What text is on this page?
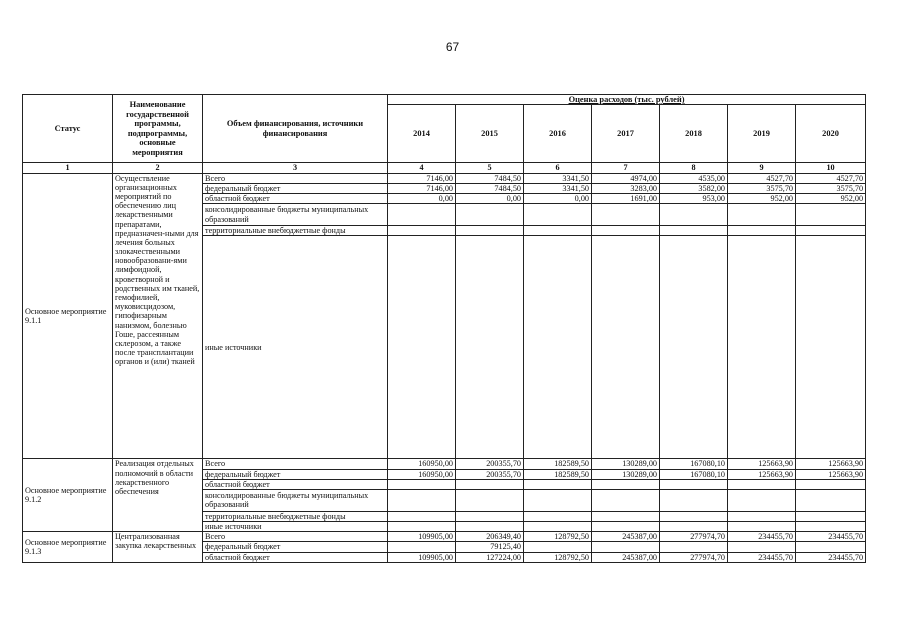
67
Статус	Наименование государственной программы, подпрограммы, основные мероприятия	Объем финансирования, источники финансирования	Оценка расходов (тыс. рублей)						
			2014	2015	2016	2017	2018	2019	2020
1	2	3	4	5	6	7	8	9	10
Основное мероприятие 9.1.1	Осуществление организационных мероприятий по обеспечению лиц лекарственными препаратами, предназначен-ными для лечения больных злокачественными новообразовани-ями лимфоидной, кроветворной и родственных им тканей, гемофилией, муковисцидозом, гипофизарным нанизмом, болезнью Гоше, рассеянным склерозом, а также после трансплантации органов и (или) тканей	Всего	7146,00	7484,50	3341,50	4974,00	4535,00	4527,70	4527,70
		федеральный бюджет	7146,00	7484,50	3341,50	3283,00	3582,00	3575,70	3575,70
		областной бюджет	0,00	0,00	0,00	1691,00	953,00	952,00	952,00
		консолидированные бюджеты муниципальных образований							
		территориальные внебюджетные фонды							
		иные источники							
Основное мероприятие 9.1.2	Реализация отдельных полномочий в области лекарственного обеспечения	Всего	160950,00	200355,70	182589,50	130289,00	167080,10	125663,90	125663,90
		федеральный бюджет	160950,00	200355,70	182589,50	130289,00	167080,10	125663,90	125663,90
		областной бюджет							
		консолидированные бюджеты муниципальных образований							
		территориальные внебюджетные фонды							
		иные источники							
Основное мероприятие 9.1.3	Централизованная закупка лекарственных	Всего	109905,00	206349,40	128792,50	245387,00	277974,70	234455,70	234455,70
		федеральный бюджет		79125,40					
		областной бюджет	109905,00	127224,00	128792,50	245387,00	277974,70	234455,70	234455,70
